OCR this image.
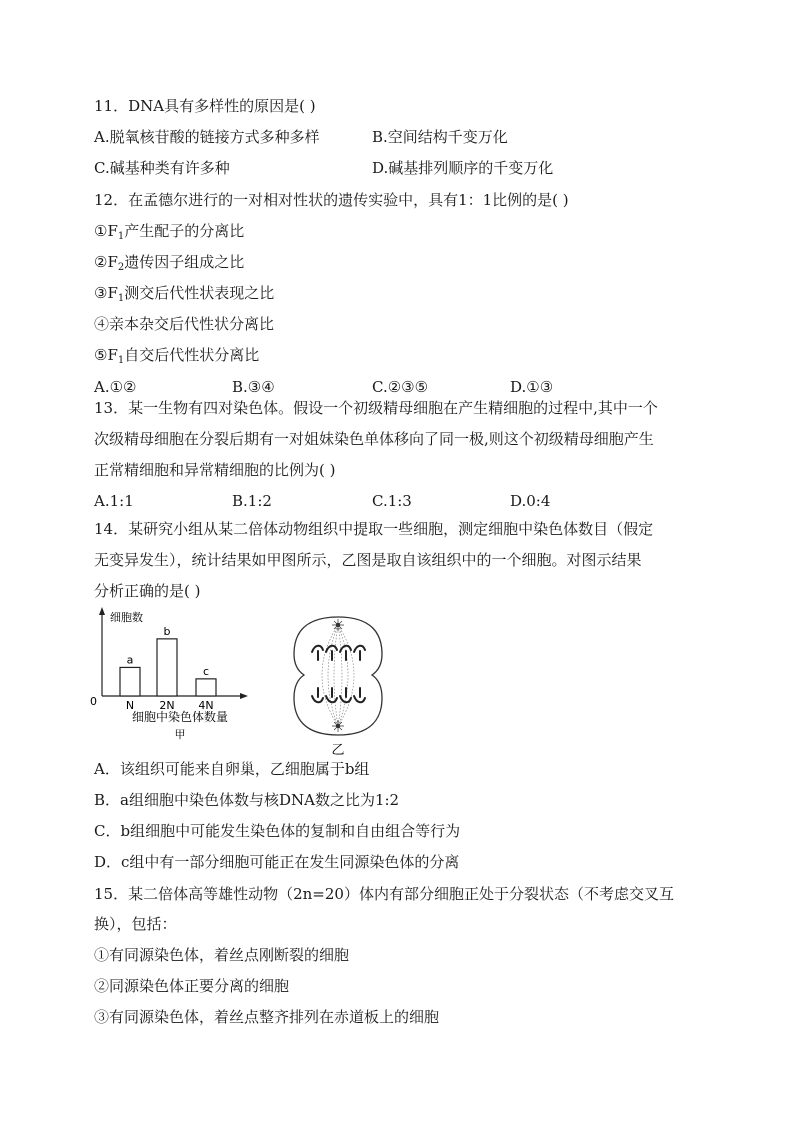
11．DNA具有多样性的原因是( )
A.脱氧核苷酸的链接方式多种多样	B.空间结构千变万化
C.碱基种类有许多种	D.碱基排列顺序的千变万化
12．在孟德尔进行的一对相对性状的遗传实验中，具有1：1比例的是( )
$①F_1$产生配子的分离比
$②F_2$遗传因子组成之比
$③F_1$测交后代性状表现之比
④亲本杂交后代性状分离比
$⑤F_1$自交后代性状分离比
A.①②	B.③④	C.②③⑤	D.①③
13．某一生物有四对染色体。假设一个初级精母细胞在产生精细胞的过程中,其中一个
次级精母细胞在分裂后期有一对姐妹染色单体移向了同一极,则这个初级精母细胞产生
正常精细胞和异常精细胞的比例为( )
A.1:1	B.1:2	C.1:3	D.0:4
14．某研究小组从某二倍体动物组织中提取一些细胞，测定细胞中染色体数目（假定
无变异发生），统计结果如甲图所示，乙图是取自该组织中的一个细胞。对图示结果
分析正确的是( )
细胞数
0
a
N
b
2N
c
4N
细胞中染色体数量
甲
乙
A．该组织可能来自卵巢，乙细胞属于b组
B．a组细胞中染色体数与核DNA数之比为1:2
C．b组细胞中可能发生染色体的复制和自由组合等行为
D．c组中有一部分细胞可能正在发生同源染色体的分离
15．某二倍体高等雄性动物（2n=20）体内有部分细胞正处于分裂状态（不考虑交叉互
换），包括：
①有同源染色体，着丝点刚断裂的细胞
②同源染色体正要分离的细胞
③有同源染色体，着丝点整齐排列在赤道板上的细胞
